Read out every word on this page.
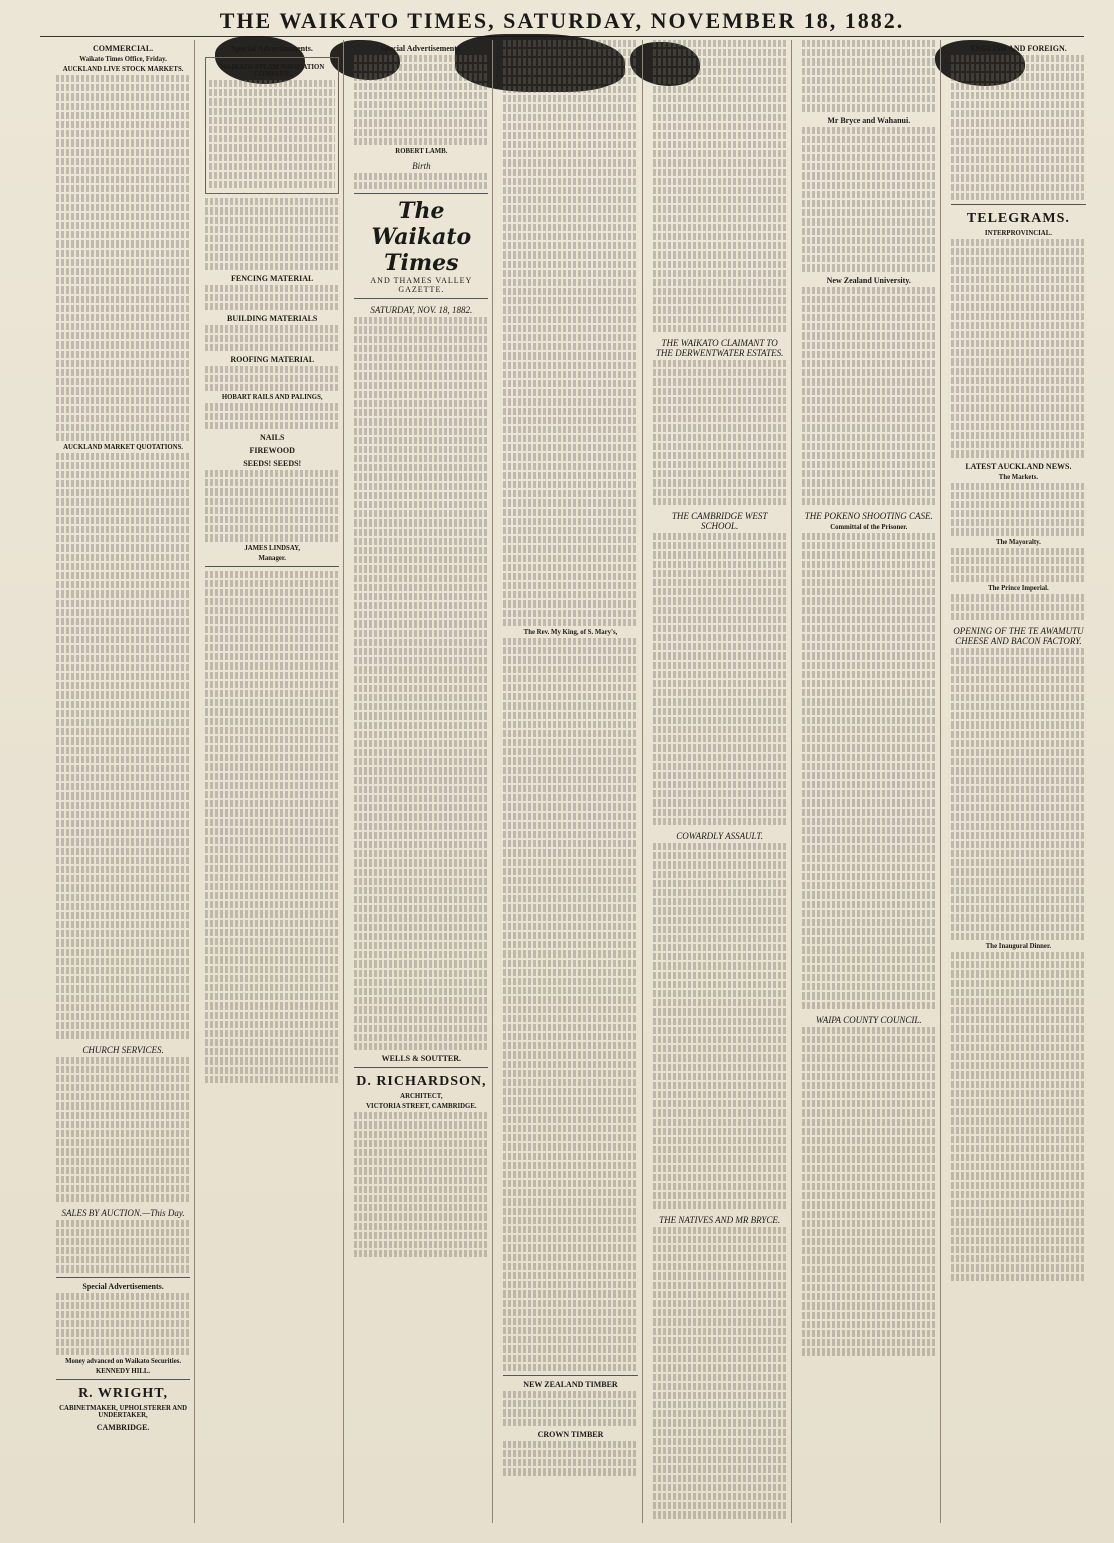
THE WAIKATO TIMES, SATURDAY, NOVEMBER 18, 1882.
COMMERCIAL.
Waikato Times Office, Friday.
AUCKLAND LIVE STOCK MARKETS.
AUCKLAND MARKET QUOTATIONS.
CHURCH SERVICES.
SALES BY AUCTION.—This Day.
Special Advertisements.
Money advanced on Waikato Securities.
KENNEDY HILL.
R. WRIGHT,
CABINETMAKER, UPHOLSTERER AND UNDERTAKER,
CAMBRIDGE.
Special Advertisements.
WAIKATO STEAM NAVIGATION COMPANY,
FENCING MATERIAL
BUILDING MATERIALS
ROOFING MATERIAL
HOBART RAILS AND PALINGS,
NAILS
FIREWOOD
SEEDS! SEEDS!
JAMES LINDSAY,
Manager.
Special Advertisements.
ROBERT LAMB.
Birth
The Waikato Times
AND THAMES VALLEY GAZETTE.
SATURDAY, NOV. 18, 1882.
WELLS & SOUTTER.
D. RICHARDSON,
ARCHITECT,
VICTORIA STREET, CAMBRIDGE.
The Rev. My King, of S. Mary's,
NEW ZEALAND TIMBER
CROWN TIMBER
THE WAIKATO CLAIMANT TO THE DERWENTWATER ESTATES.
THE CAMBRIDGE WEST SCHOOL.
COWARDLY ASSAULT.
THE NATIVES AND MR BRYCE.
Mr Bryce and Wahanui.
New Zealand University.
THE POKENO SHOOTING CASE.
Committal of the Prisoner.
WAIPA COUNTY COUNCIL.
ENGLISH AND FOREIGN.
TELEGRAMS.
INTERPROVINCIAL.
LATEST AUCKLAND NEWS.
The Markets.
The Mayoralty.
The Prince Imperial.
OPENING OF THE TE AWAMUTU CHEESE AND BACON FACTORY.
The Inaugural Dinner.
